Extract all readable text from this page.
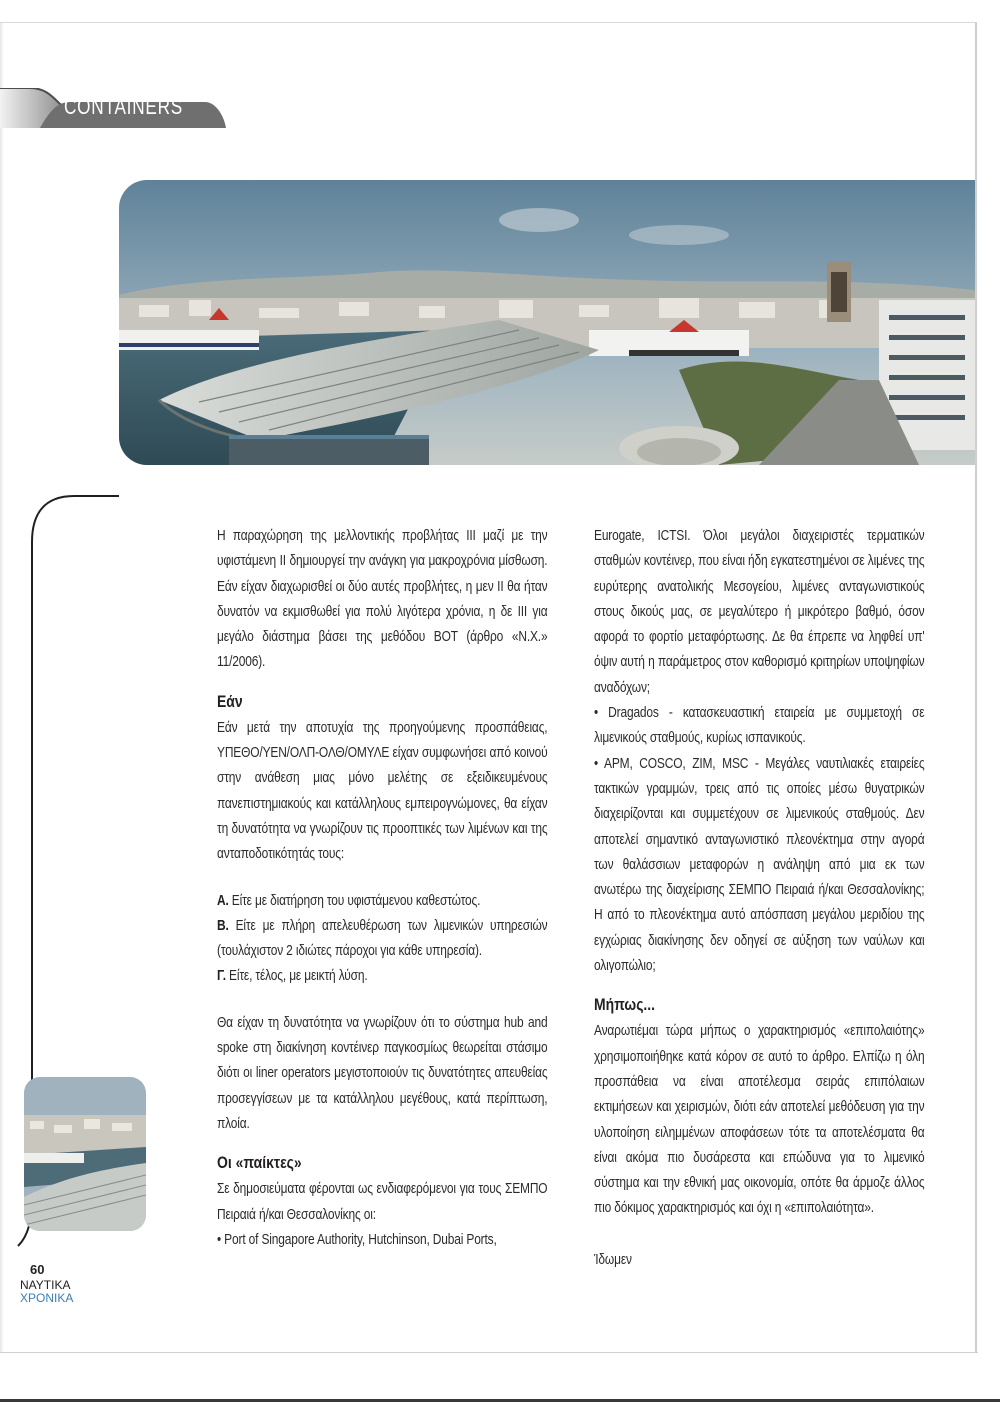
CONTAINERS
60
ΝΑΥΤΙΚΑ
ΧΡΟΝΙΚΑ

Η παραχώρηση της μελλοντικής προβλήτας ΙΙΙ μαζί με την υφιστάμενη ΙΙ δημιουργεί την ανάγκη για μακροχρόνια μίσθωση. Εάν είχαν διαχωρισθεί οι δύο αυτές προβλήτες, η μεν ΙΙ θα ήταν δυνατόν να εκμισθωθεί για πολύ λιγότερα χρόνια, η δε ΙΙΙ για μεγάλο διάστημα βάσει της μεθόδου ΒΟΤ (άρθρο «Ν.Χ.» 11/2006).

Εάν

Εάν μετά την αποτυχία της προηγούμενης προσπάθειας, ΥΠΕΘΟ/ΥΕΝ/ΟΛΠ-ΟΛΘ/ΟΜΥΛΕ είχαν συμφωνήσει από κοινού στην ανάθεση μιας μόνο μελέτης σε εξειδικευμένους πανεπιστημιακούς και κατάλληλους εμπειρογνώμονες, θα είχαν τη δυνατότητα να γνωρίζουν τις προοπτικές των λιμένων και της ανταποδοτικότητάς τους:

Α. Είτε με διατήρηση του υφιστάμενου καθεστώτος.

Β. Είτε με πλήρη απελευθέρωση των λιμενικών υπηρεσιών (τουλάχιστον 2 ιδιώτες πάροχοι για κάθε υπηρεσία).

Γ. Είτε, τέλος, με μεικτή λύση.

Θα είχαν τη δυνατότητα να γνωρίζουν ότι το σύστημα hub and spoke στη διακίνηση κοντέινερ παγκοσμίως θεωρείται στάσιμο διότι οι liner operators μεγιστοποιούν τις δυνατότητες απευθείας προσεγγίσεων με τα κατάλληλου μεγέθους, κατά περίπτωση, πλοία.

Οι «παίκτες»

Σε δημοσιεύματα φέρονται ως ενδιαφερόμενοι για τους ΣΕΜΠΟ Πειραιά ή/και Θεσσαλονίκης οι:

• Port of Singapore Authority, Hutchinson, Dubai Ports,

Eurogate, ICTSI. Όλοι μεγάλοι διαχειριστές τερματικών σταθμών κοντέινερ, που είναι ήδη εγκατεστημένοι σε λιμένες της ευρύτερης ανατολικής Μεσογείου, λιμένες ανταγωνιστικούς στους δικούς μας, σε μεγαλύτερο ή μικρότερο βαθμό, όσον αφορά το φορτίο μεταφόρτωσης. Δε θα έπρεπε να ληφθεί υπ' όψιν αυτή η παράμετρος στον καθορισμό κριτηρίων υποψηφίων αναδόχων;

• Dragados - κατασκευαστική εταιρεία με συμμετοχή σε λιμενικούς σταθμούς, κυρίως ισπανικούς.

• APM, COSCO, ZIM, MSC - Μεγάλες ναυτιλιακές εταιρείες τακτικών γραμμών, τρεις από τις οποίες μέσω θυγατρικών διαχειρίζονται και συμμετέχουν σε λιμενικούς σταθμούς. Δεν αποτελεί σημαντικό ανταγωνιστικό πλεονέκτημα στην αγορά των θαλάσσιων μεταφορών η ανάληψη από μια εκ των ανωτέρω της διαχείρισης ΣΕΜΠΟ Πειραιά ή/και Θεσσαλονίκης; Η από το πλεονέκτημα αυτό απόσπαση μεγάλου μεριδίου της εγχώριας διακίνησης δεν οδηγεί σε αύξηση των ναύλων και ολιγοπώλιο;

Μήπως...

Αναρωτιέμαι τώρα μήπως ο χαρακτηρισμός «επιπολαιότης» χρησιμοποιήθηκε κατά κόρον σε αυτό το άρθρο. Ελπίζω η όλη προσπάθεια να είναι αποτέλεσμα σειράς επιπόλαιων εκτιμήσεων και χειρισμών, διότι εάν αποτελεί μεθόδευση για την υλοποίηση ειλημμένων αποφάσεων τότε τα αποτελέσματα θα είναι ακόμα πιο δυσάρεστα και επώδυνα για το λιμενικό σύστημα και την εθνική μας οικονομία, οπότε θα άρμοζε άλλος πιο δόκιμος χαρακτηρισμός και όχι η «επιπολαιότητα».

Ίδωμεν
